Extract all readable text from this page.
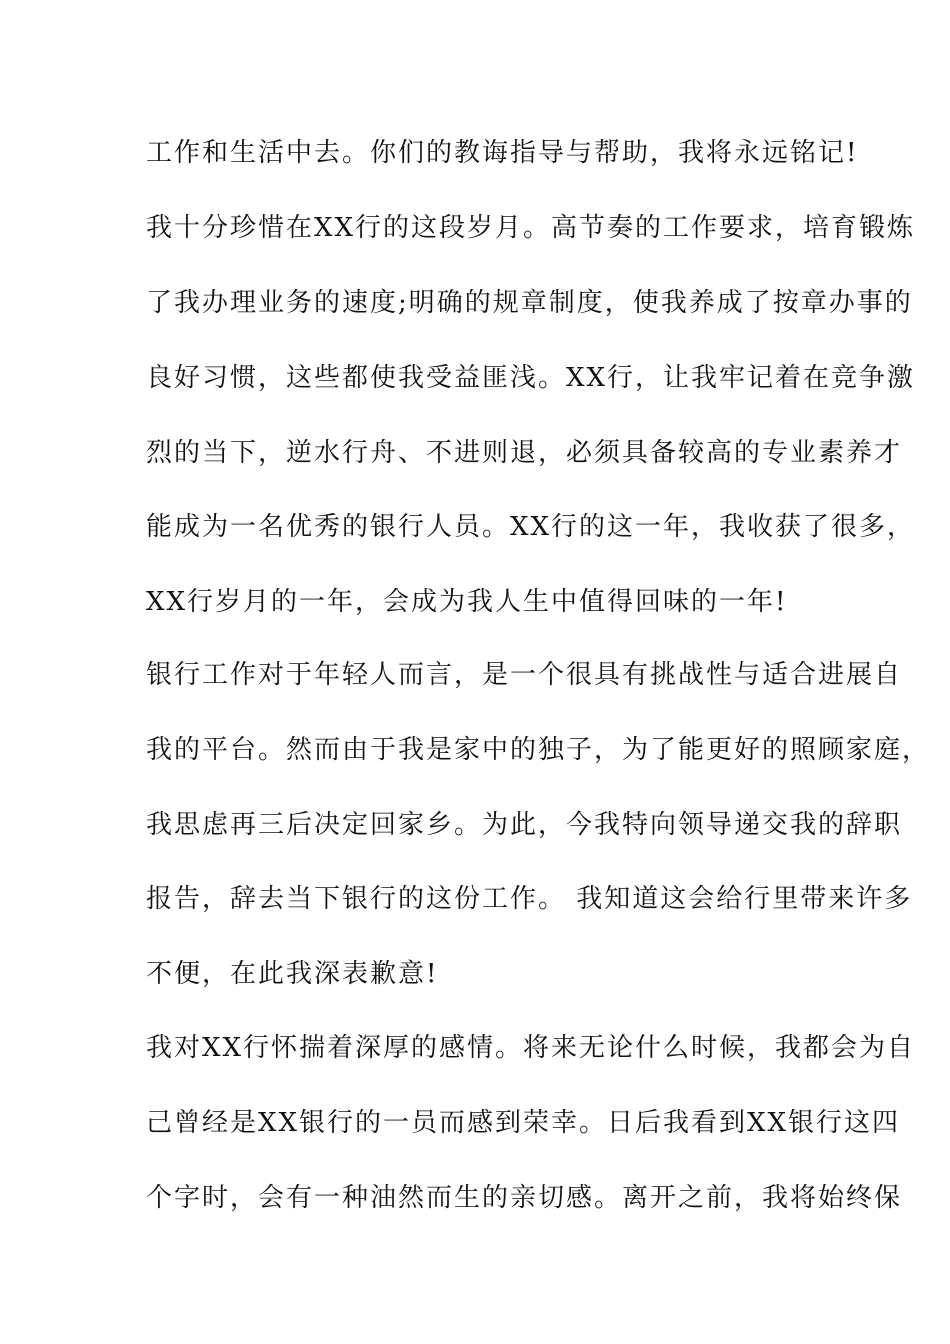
工作和生活中去。你们的教诲指导与帮助，我将永远铭记!
我十分珍惜在XX行的这段岁月。高节奏的工作要求，培育锻炼
了我办理业务的速度;明确的规章制度，使我养成了按章办事的
良好习惯，这些都使我受益匪浅。XX行，让我牢记着在竞争激
烈的当下，逆水行舟、不进则退，必须具备较高的专业素养才
能成为一名优秀的银行人员。XX行的这一年，我收获了很多，
XX行岁月的一年，会成为我人生中值得回味的一年!
银行工作对于年轻人而言，是一个很具有挑战性与适合进展自
我的平台。然而由于我是家中的独子，为了能更好的照顾家庭，
我思虑再三后决定回家乡。为此，今我特向领导递交我的辞职
报告，辞去当下银行的这份工作。 我知道这会给行里带来许多
不便，在此我深表歉意!
我对XX行怀揣着深厚的感情。将来无论什么时候，我都会为自
己曾经是XX银行的一员而感到荣幸。日后我看到XX银行这四
个字时，会有一种油然而生的亲切感。离开之前，我将始终保
